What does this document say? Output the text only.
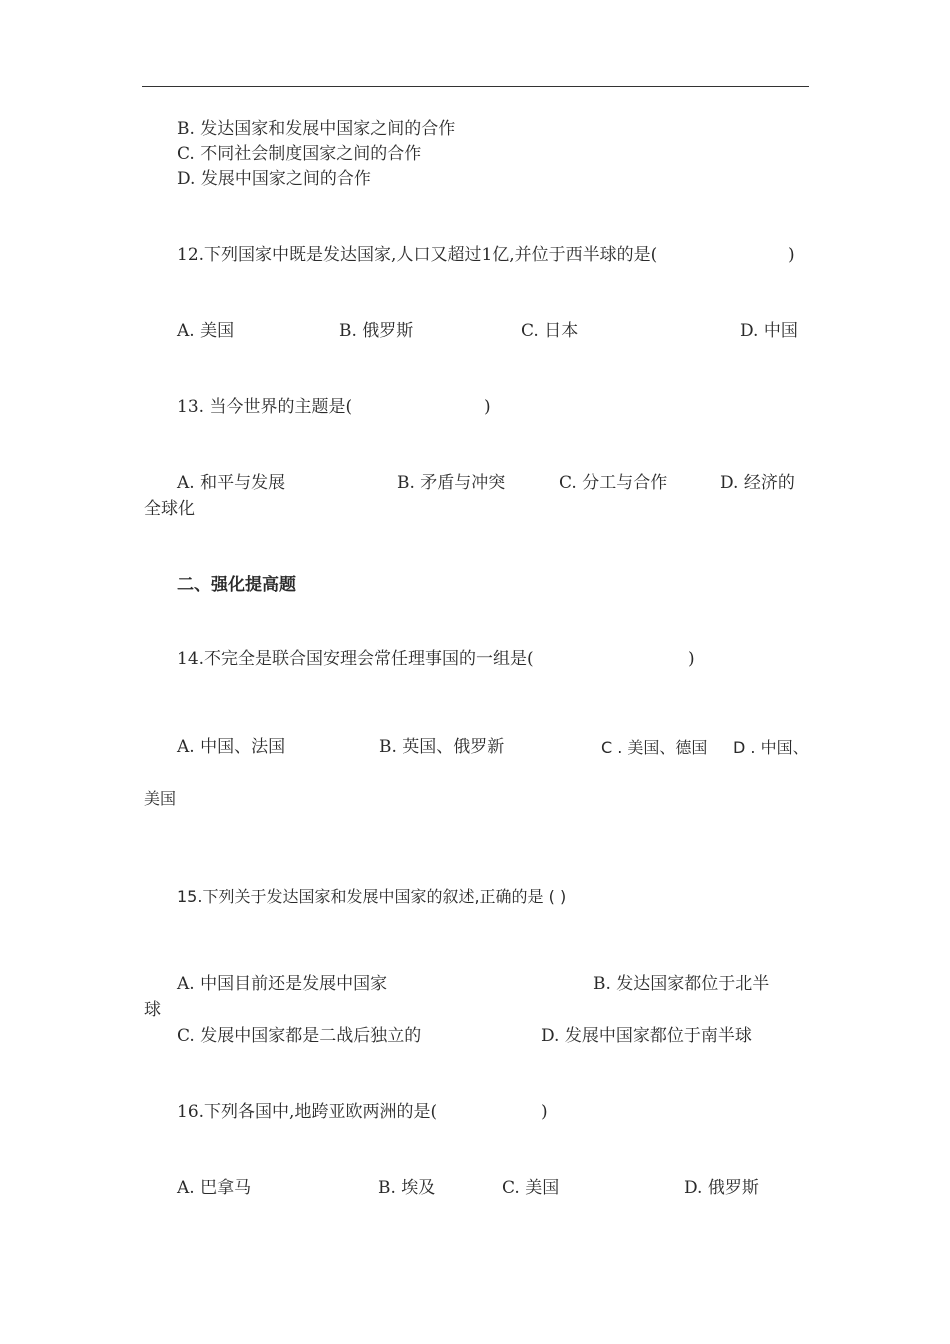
B. 发达国家和发展中国家之间的合作
C. 不同社会制度国家之间的合作
D. 发展中国家之间的合作
12.下列国家中既是发达国家,人口又超过1亿,并位于西半球的是(	)
A. 美国	B. 俄罗斯	C. 日本	D. 中国
13. 当今世界的主题是(	)
A. 和平与发展	B. 矛盾与冲突	C. 分工与合作	D. 经济的
全球化
二、强化提高题
14.不完全是联合国安理会常任理事国的一组是(	)
A. 中国、法国	B. 英国、俄罗新	C . 美国、德国 D . 中国、
美国
15.下列关于发达国家和发展中国家的叙述,正确的是 ( )
A. 中国目前还是发展中国家	B. 发达国家都位于北半
球
C. 发展中国家都是二战后独立的	D. 发展中国家都位于南半球
16.下列各国中,地跨亚欧两洲的是(	)
A. 巴拿马	B. 埃及	C. 美国	D. 俄罗斯
